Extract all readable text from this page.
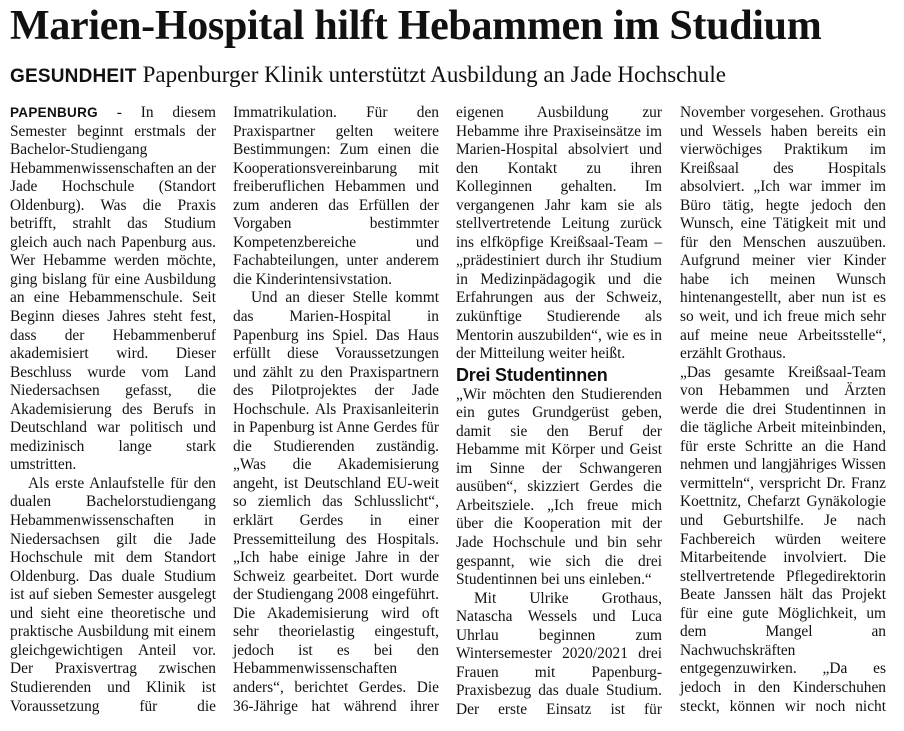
Marien-Hospital hilft Hebammen im Studium
GESUNDHEIT Papenburger Klinik unterstützt Ausbildung an Jade Hochschule

PAPENBURG - In diesem Semester beginnt erstmals der Bachelor-Studiengang Hebammenwissenschaften an der Jade Hochschule (Standort Oldenburg). Was die Praxis betrifft, strahlt das Studium gleich auch nach Papenburg aus. Wer Hebamme werden möchte, ging bislang für eine Ausbildung an eine Hebammenschule. Seit Beginn dieses Jahres steht fest, dass der Hebammenberuf akademisiert wird. Dieser Beschluss wurde vom Land Niedersachsen gefasst, die Akademisierung des Berufs in Deutschland war politisch und medizinisch lange stark umstritten.

Als erste Anlaufstelle für den dualen Bachelorstudiengang Hebammenwissenschaften in Niedersachsen gilt die Jade Hochschule mit dem Standort Oldenburg. Das duale Studium ist auf sieben Semester ausgelegt und sieht eine theoretische und praktische Ausbildung mit einem gleichgewichtigen Anteil vor. Der Praxisvertrag zwischen Studierenden und Klinik ist Voraussetzung für die

Immatrikulation. Für den Praxispartner gelten weitere Bestimmungen: Zum einen die Kooperationsvereinbarung mit freiberuflichen Hebammen und zum anderen das Erfüllen der Vorgaben bestimmter Kompetenzbereiche und Fachabteilungen, unter anderem die Kinderintensivstation.

Und an dieser Stelle kommt das Marien-Hospital in Papenburg ins Spiel. Das Haus erfüllt diese Voraussetzungen und zählt zu den Praxispartnern des Pilotprojektes der Jade Hochschule. Als Praxisanleiterin in Papenburg ist Anne Gerdes für die Studierenden zuständig. „Was die Akademisierung angeht, ist Deutschland EU-weit so ziemlich das Schlusslicht“, erklärt Gerdes in einer Pressemitteilung des Hospitals. „Ich habe einige Jahre in der Schweiz gearbeitet. Dort wurde der Studiengang 2008 eingeführt. Die Akademisierung wird oft sehr theorielastig eingestuft, jedoch ist es bei den Hebammenwissenschaften anders“, berichtet Gerdes. Die 36-Jährige hat während ihrer

eigenen Ausbildung zur Hebamme ihre Praxiseinsätze im Marien-Hospital absolviert und den Kontakt zu ihren Kolleginnen gehalten. Im vergangenen Jahr kam sie als stellvertretende Leitung zurück ins elfköpfige Kreißsaal-Team – „prädestiniert durch ihr Studium in Medizinpädagogik und die Erfahrungen aus der Schweiz, zukünftige Studierende als Mentorin auszubilden“, wie es in der Mitteilung weiter heißt.

Drei Studentinnen

„Wir möchten den Studierenden ein gutes Grundgerüst geben, damit sie den Beruf der Hebamme mit Körper und Geist im Sinne der Schwangeren ausüben“, skizziert Gerdes die Arbeitsziele. „Ich freue mich über die Kooperation mit der Jade Hochschule und bin sehr gespannt, wie sich die drei Studentinnen bei uns einleben.“

Mit Ulrike Grothaus, Natascha Wessels und Luca Uhrlau beginnen zum Wintersemester 2020/2021 drei Frauen mit Papenburg-Praxisbezug das duale Studium. Der erste Einsatz ist für

November vorgesehen. Grothaus und Wessels haben bereits ein vierwöchiges Praktikum im Kreißsaal des Hospitals absolviert. „Ich war immer im Büro tätig, hegte jedoch den Wunsch, eine Tätigkeit mit und für den Menschen auszuüben. Aufgrund meiner vier Kinder habe ich meinen Wunsch hintenangestellt, aber nun ist es so weit, und ich freue mich sehr auf meine neue Arbeitsstelle“, erzählt Grothaus.

„Das gesamte Kreißsaal-Team von Hebammen und Ärzten werde die drei Studentinnen in die tägliche Arbeit miteinbinden, für erste Schritte an die Hand nehmen und langjähriges Wissen vermitteln“, verspricht Dr. Franz Koettnitz, Chefarzt Gynäkologie und Geburtshilfe. Je nach Fachbereich würden weitere Mitarbeitende involviert. Die stellvertretende Pflegedirektorin Beate Janssen hält das Projekt für eine gute Möglichkeit, um dem Mangel an Nachwuchskräften entgegenzuwirken. „Da es jedoch in den Kinderschuhen steckt, können wir noch nicht
